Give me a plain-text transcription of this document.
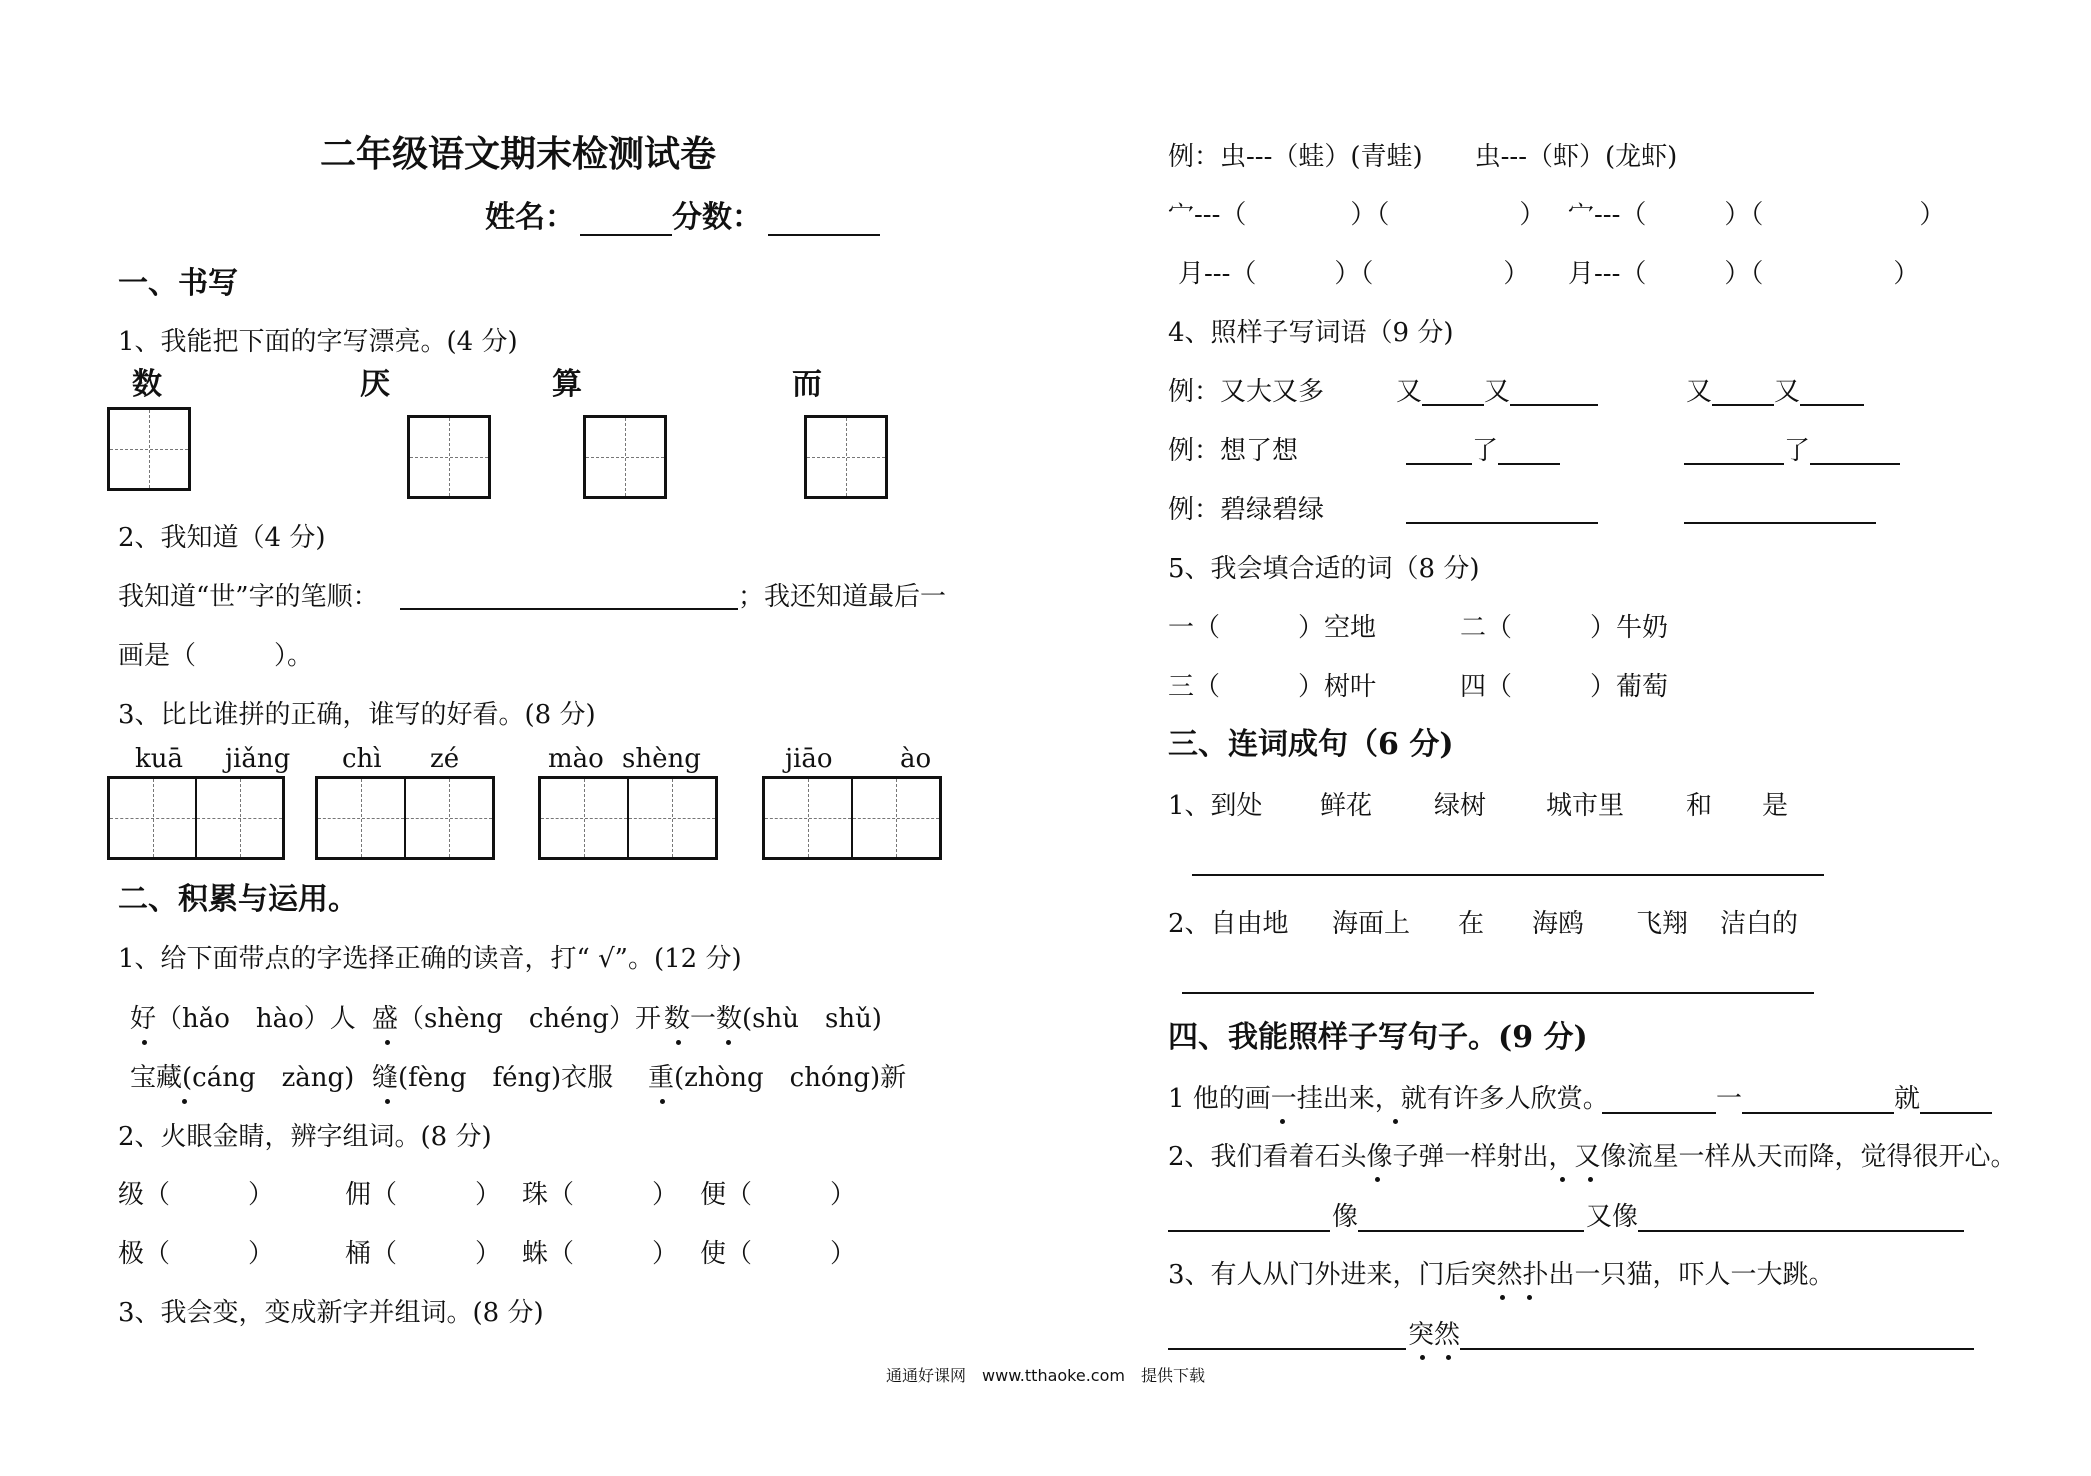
二年级语文期末检测试卷
姓名：	分数：
一、书写
1、我能把下面的字写漂亮。(4 分)
数	厌	算	而
2、我知道（4 分)
我知道“世”字的笔顺：	；我还知道最后一
画是（　　　）。
3、比比谁拼的正确，谁写的好看。(8 分)
kuā jiǎng chì zé	mào shèng	jiāo	ào
二、积累与运用。
1、给下面带点的字选择正确的读音，打“ √”。(12 分)
好（hǎo　hào）人 盛（shèng　chéng）开 数一数(shù　shǔ)
宝藏(cáng　zàng) 缝(fèng　féng)衣服 重(zhòng　chóng)新
2、火眼金睛，辨字组词。(8 分)
级（　　　）	佣（　　　） 珠（　　　） 便（　　　）
极（　　　）	桶（　　　） 蛛（　　　） 使（　　　）
3、我会变，变成新字并组词。(8 分)
例：虫---（蛙）(青蛙)　　虫---（虾）(龙虾)
宀---（　　　　）（　　　　　） 宀---（　　　）（　　　　　　）
月---（　　　）（　　　　　） 月---（　　　）（　　　　　）
4、照样子写词语（9 分)
例：又大又多	又 又	又 又
例：想了想	了	了
例：碧绿碧绿
5、我会填合适的词（8 分)
一（　　　）空地	二（　　　）牛奶
三（　　　）树叶	四（　　　）葡萄
三、连词成句（6 分)
1、到处 鲜花 绿树 城市里 和 是
2、自由地 海面上 在 海鸥 飞翔 洁白的
四、我能照样子写句子。(9 分)
1 他的画一挂出来，就有许多人欣赏。	一	就
2、我们看着石头像子弹一样射出，又像流星一样从天而降，觉得很开心。
像	又像
3、有人从门外进来，门后突然扑出一只猫，吓人一大跳。
突然
通通好课网　www.tthaoke.com　提供下载
